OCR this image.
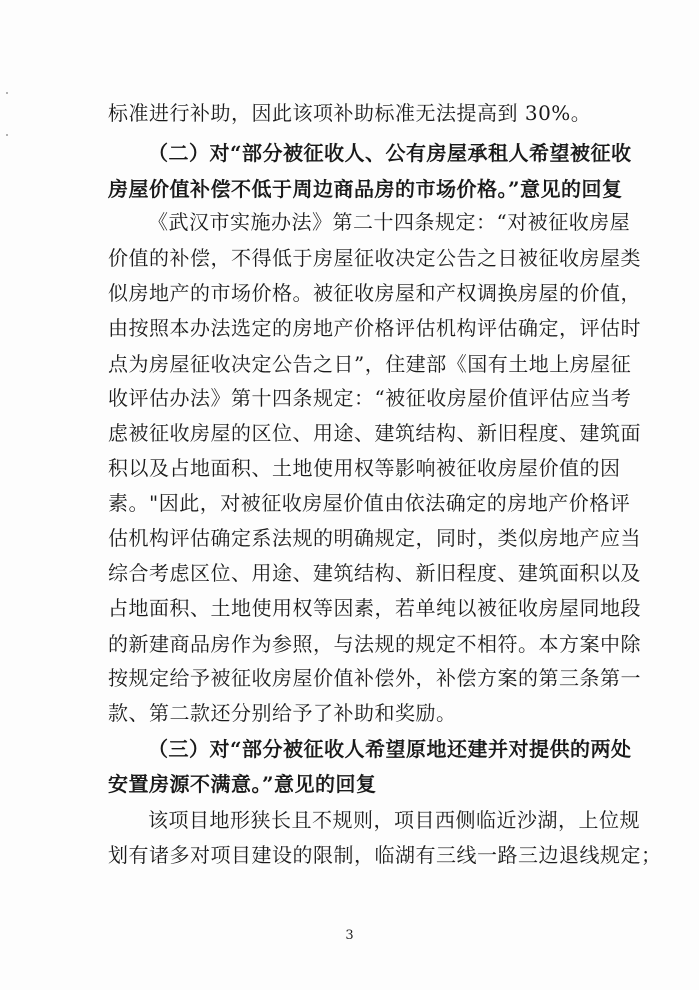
标准进行补助，因此该项补助标准无法提高到 30%。
（二）对“部分被征收人、公有房屋承租人希望被征收
房屋价值补偿不低于周边商品房的市场价格。”意见的回复
《武汉市实施办法》第二十四条规定：“对被征收房屋
价值的补偿，不得低于房屋征收决定公告之日被征收房屋类
似房地产的市场价格。被征收房屋和产权调换房屋的价值，
由按照本办法选定的房地产价格评估机构评估确定，评估时
点为房屋征收决定公告之日”，住建部《国有土地上房屋征
收评估办法》第十四条规定：“被征收房屋价值评估应当考
虑被征收房屋的区位、用途、建筑结构、新旧程度、建筑面
积以及占地面积、土地使用权等影响被征收房屋价值的因
素。"因此，对被征收房屋价值由依法确定的房地产价格评
估机构评估确定系法规的明确规定，同时，类似房地产应当
综合考虑区位、用途、建筑结构、新旧程度、建筑面积以及
占地面积、土地使用权等因素，若单纯以被征收房屋同地段
的新建商品房作为参照，与法规的规定不相符。本方案中除
按规定给予被征收房屋价值补偿外，补偿方案的第三条第一
款、第二款还分别给予了补助和奖励。
（三）对“部分被征收人希望原地还建并对提供的两处
安置房源不满意。”意见的回复
该项目地形狭长且不规则，项目西侧临近沙湖，上位规
划有诸多对项目建设的限制，临湖有三线一路三边退线规定；
3
